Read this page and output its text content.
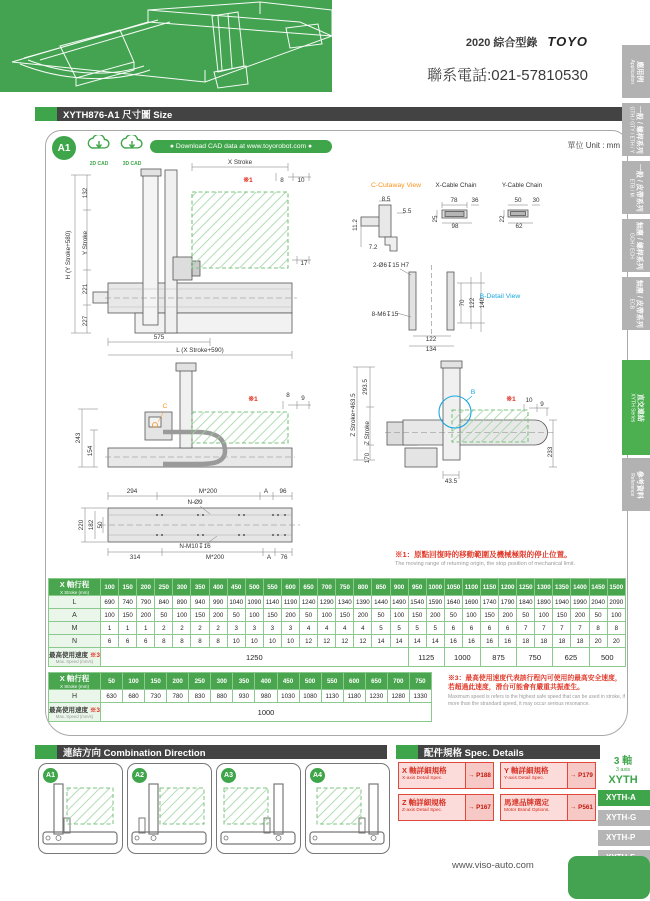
2020 綜合型錄 TOYO
聯系電話:021-57810530
XYTH876-A1 尺寸圖 Size
A1
2D CAD	3D CAD
● Download CAD data at www.toyorobot.com ●	單位 Unit : mm
X Stroke
※1	8 10
H (Y Stroke+580)
132
Y Stroke
221
227
17
575
L (X Stroke+590)
C-Cutaway View X-Cable Chain	Y-Cable Chain
8.5
5.5
11.2
7.2
78 36
25
98
50 30
22
62
2-Ø6↧15 H7
8-M6↧15
B-Detail View
70 122 140
122
134
C
※1
8 9
243
154
Z Stroke+463.5
293.5
Z Stroke
170
B
※1 10
9
233
43.5
294	M*200	A 96
N-Ø9
220 182 50
314
N-M10↧16
M*200	A 76	※1：原點回復時的移動範圍及機械極限的停止位置。
The moving range of returning origin, the stop position of mechanical limit.
X 軸行程
X Stroke (mm)	100	150	200	250	300	350	400	450	500	550	600	650	700	750	800	850	900	950	1000	1050	1100	1150	1200	1250	1300	1350	1400	1450	1500
L	690	740	790	840	890	940	990	1040	1090	1140	1190	1240	1290	1340	1390	1440	1490	1540	1590	1640	1690	1740	1790	1840	1890	1940	1990	2040	2090
A	100	150	200	50	100	150	200	50	100	150	200	50	100	150	200	50	100	150	200	50	100	150	200	50	100	150	200	50	100
M	1	1	1	2	2	2	2	3	3	3	3	4	4	4	4	5	5	5	5	6	6	6	6	7	7	7	7	8	8
N	6	6	6	8	8	8	8	10	10	10	10	12	12	12	12	14	14	14	14	16	16	16	16	18	18	18	18	20	20

最高使用速度 ※3
Max. Speed (mm/s)	1250																	1125		1000		875		750		625		500	
X 軸行程
X Stroke (mm)	50	100	150	200	250	300	350	400	450	500	550	600	650	700	750
H	630	680	730	780	830	880	930	980	1030	1080	1130	1180	1230	1280	1330

最高使用速度 ※3
Max. Speed (mm/s)	1000														
※3：最高使用速度代表該行程內可使用的最高安全速度，若超過此速度，滑台可能會有嚴重共振產生。
Maximum speed is refers to the highest safe speed that can be used in stroke, if more than the strandard speed, it may occur serious resonance.
連結方向 Combination Direction
A1	A2	A3	A4
配件規格 Spec. Details
X 軸詳細規格
X-axis Detail Spec.	→ P188
Y 軸詳細規格
Y-axis Detail Spec.	→ P179
Z 軸詳細規格
Z-axis Detail Spec.	→ P167
馬達品牌選定
Motor Brand Options.	→ P561
3 軸
3 axis
XYTH
XYTH-A
XYTH-G
XYTH-P
www.viso-auto.com
應用例
Application
一般 / 螺桿系列
GTH / GTY / ETH / Y
一般 / 皮帶系列
ETB / M
無塵 / 螺桿系列
GCH / ECH
無塵 / 皮帶系列
ECB
直交連結
XYTH Series
參考資料
Reference
